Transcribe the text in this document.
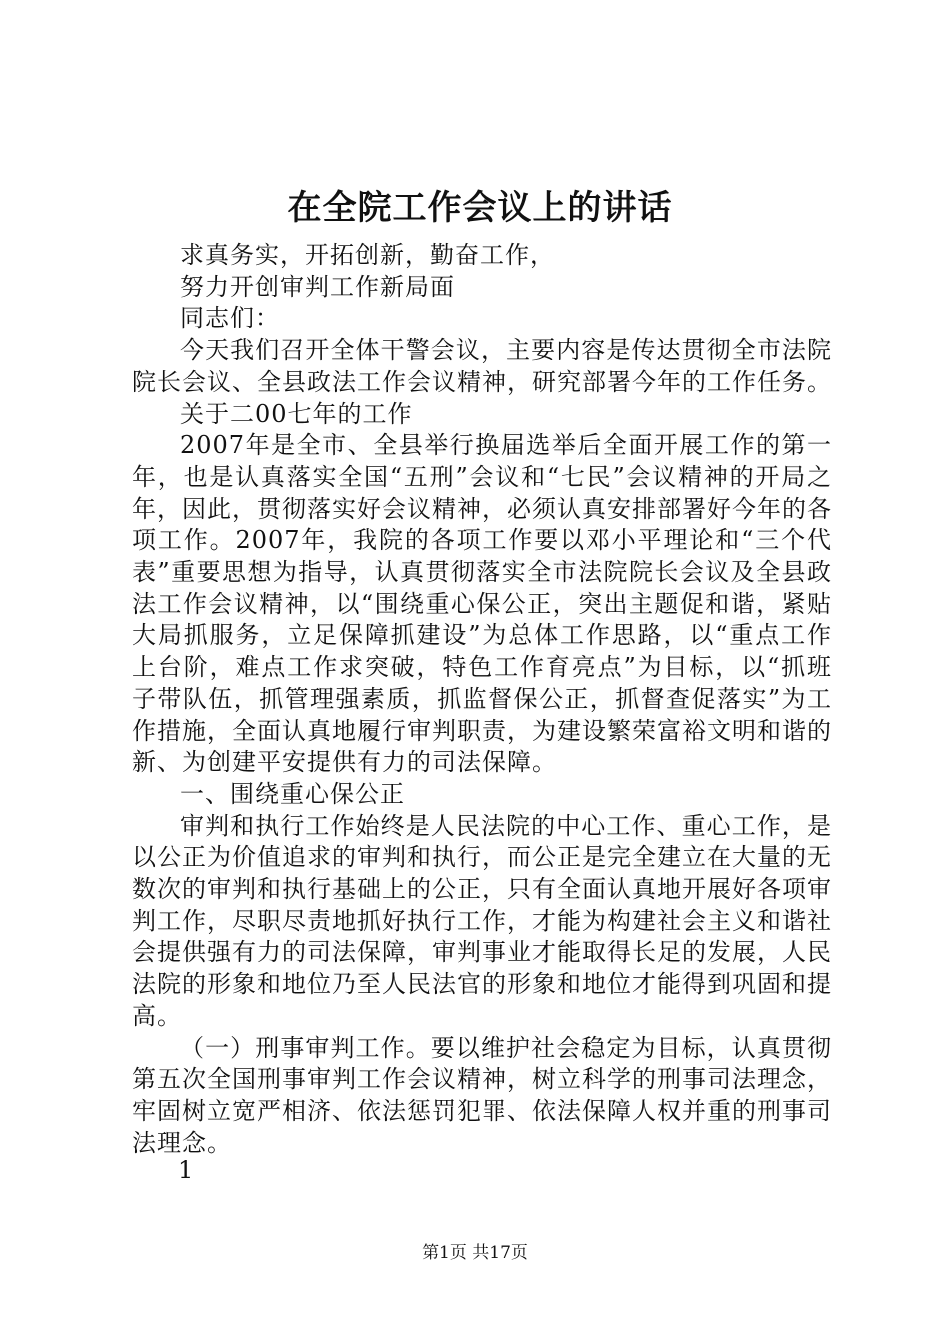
在全院工作会议上的讲话

求真务实，开拓创新，勤奋工作，

努力开创审判工作新局面

同志们：

今天我们召开全体干警会议，主要内容是传达贯彻全市法院院长会议、全县政法工作会议精神，研究部署今年的工作任务。

关于二00七年的工作

2007年是全市、全县举行换届选举后全面开展工作的第一年，也是认真落实全国“五刑”会议和“七民”会议精神的开局之年，因此，贯彻落实好会议精神，必须认真安排部署好今年的各项工作。2007年，我院的各项工作要以邓小平理论和“三个代表”重要思想为指导，认真贯彻落实全市法院院长会议及全县政法工作会议精神，以“围绕重心保公正，突出主题促和谐，紧贴大局抓服务，立足保障抓建设”为总体工作思路，以“重点工作上台阶，难点工作求突破，特色工作育亮点”为目标，以“抓班子带队伍，抓管理强素质，抓监督保公正，抓督查促落实”为工作措施，全面认真地履行审判职责，为建设繁荣富裕文明和谐的新、为创建平安提供有力的司法保障。

一、围绕重心保公正

审判和执行工作始终是人民法院的中心工作、重心工作，是以公正为价值追求的审判和执行，而公正是完全建立在大量的无数次的审判和执行基础上的公正，只有全面认真地开展好各项审判工作，尽职尽责地抓好执行工作，才能为构建社会主义和谐社会提供强有力的司法保障，审判事业才能取得长足的发展，人民法院的形象和地位乃至人民法官的形象和地位才能得到巩固和提高。

（一）刑事审判工作。要以维护社会稳定为目标，认真贯彻第五次全国刑事审判工作会议精神，树立科学的刑事司法理念，牢固树立宽严相济、依法惩罚犯罪、依法保障人权并重的刑事司法理念。

1
第1页 共17页
